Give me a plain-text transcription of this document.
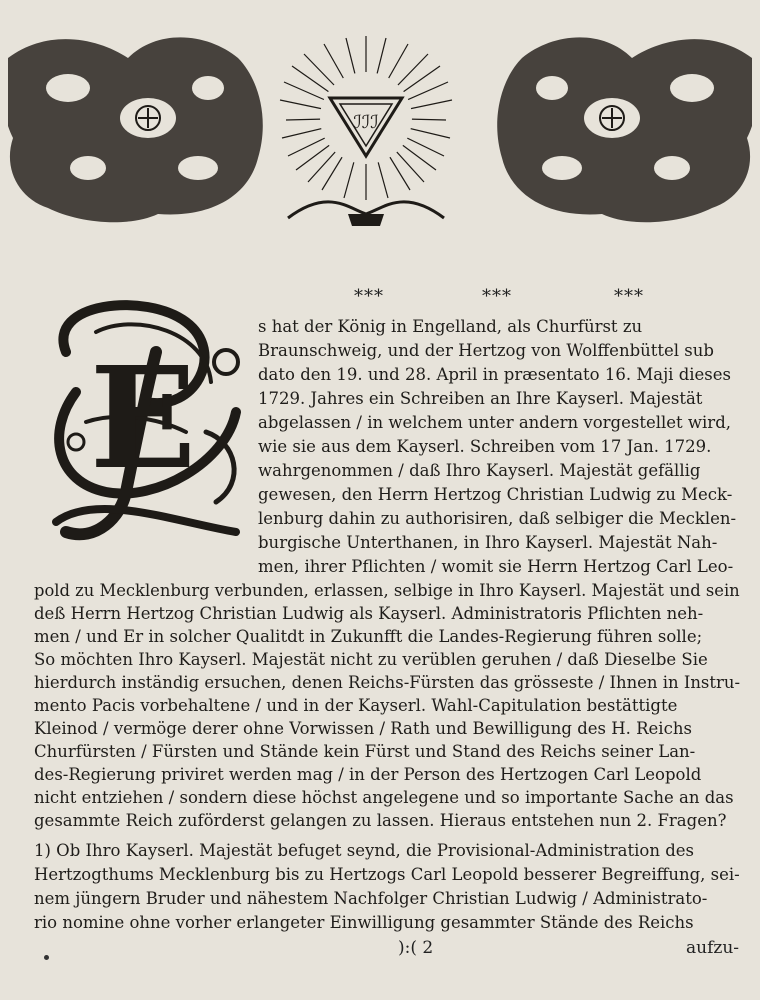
ℐℐℐ
***	***	***
E
s hat der König in Engelland, als Churfürst zu
Braunschweig, und der Hertzog von Wolffenbüttel sub
dato den 19. und 28. April in præsentato 16. Maji dieses
1729. Jahres ein Schreiben an Ihre Kayserl. Majestät
abgelassen / in welchem unter andern vorgestellet wird,
wie sie aus dem Kayserl. Schreiben vom 17 Jan. 1729.
wahrgenommen / daß Ihro Kayserl. Majestät gefällig
gewesen, den Herrn Hertzog Christian Ludwig zu Meck-
lenburg dahin zu authorisiren, daß selbiger die Mecklen-
burgische Unterthanen, in Ihro Kayserl. Majestät Nah-
men, ihrer Pflichten / womit sie Herrn Hertzog Carl Leo-
pold zu Mecklenburg verbunden, erlassen, selbige in Ihro Kayserl. Majestät und sein
deß Herrn Hertzog Christian Ludwig als Kayserl. Administratoris Pflichten neh-
men / und Er in solcher Qualitdt in Zukunfft die Landes-Regierung führen solle;
So möchten Ihro Kayserl. Majestät nicht zu verüblen geruhen / daß Dieselbe Sie
hierdurch inständig ersuchen, denen Reichs-Fürsten das grösseste / Ihnen in Instru-
mento Pacis vorbehaltene / und in der Kayserl. Wahl-Capitulation bestättigte
Kleinod / vermöge derer ohne Vorwissen / Rath und Bewilligung des H. Reichs
Churfürsten / Fürsten und Stände kein Fürst und Stand des Reichs seiner Lan-
des-Regierung priviret werden mag / in der Person des Hertzogen Carl Leopold
nicht entziehen / sondern diese höchst angelegene und so importante Sache an das
gesammte Reich zuförderst gelangen zu lassen. Hieraus entstehen nun 2. Fragen?
1) Ob Ihro Kayserl. Majestät befuget seynd, die Provisional-Administration des
Hertzogthums Mecklenburg bis zu Hertzogs Carl Leopold besserer Begreiffung, sei-
nem jüngern Bruder und nähestem Nachfolger Christian Ludwig / Administrato-
rio nomine ohne vorher erlangeter Einwilligung gesammter Stände des Reichs
):( 2	aufzu-
